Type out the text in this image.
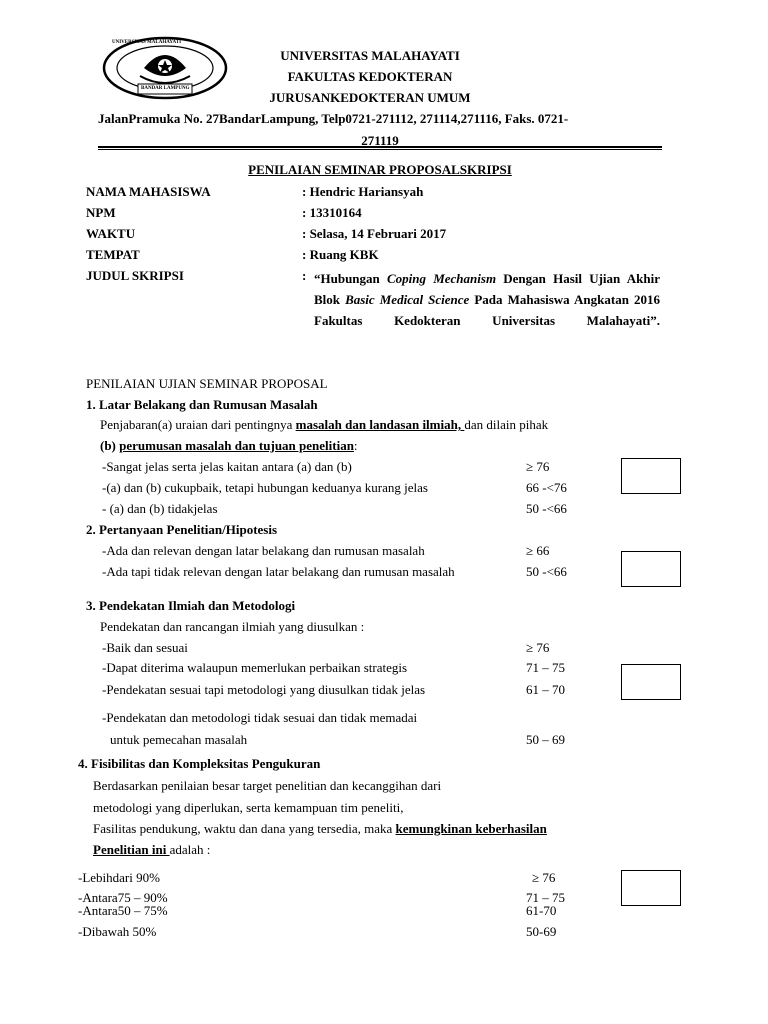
UNIVERSITAS MALAHAYATI
BANDAR LAMPUNG
UNIVERSITAS MALAHAYATI
FAKULTAS KEDOKTERAN
JURUSANKEDOKTERAN UMUM
JalanPramuka No. 27BandarLampung, Telp0721-271112, 271114,271116, Faks. 0721-
271119
PENILAIAN SEMINAR PROPOSALSKRIPSI
NAMA MAHASISWA	: Hendric Hariansyah
NPM	: 13310164
WAKTU	: Selasa, 14 Februari 2017
TEMPAT	: Ruang KBK
JUDUL SKRIPSI	: “Hubungan Coping Mechanism Dengan Hasil Ujian Akhir Blok Basic Medical Science Pada Mahasiswa Angkatan 2016 Fakultas Kedokteran Universitas Malahayati”.
PENILAIAN UJIAN SEMINAR PROPOSAL
1. Latar Belakang dan Rumusan Masalah
Penjabaran(a) uraian dari pentingnya masalah dan landasan ilmiah, dan dilain pihak
(b) perumusan masalah dan tujuan penelitian:
-Sangat jelas serta jelas kaitan antara (a) dan (b)	≥ 76
-(a) dan (b) cukupbaik, tetapi hubungan keduanya kurang jelas	66 -<76
- (a) dan (b) tidakjelas	50 -<66
2. Pertanyaan Penelitian/Hipotesis
-Ada dan relevan dengan latar belakang dan rumusan masalah	≥ 66
-Ada tapi tidak relevan dengan latar belakang dan rumusan masalah	50 -<66
3. Pendekatan Ilmiah dan Metodologi
Pendekatan dan rancangan ilmiah yang diusulkan :
-Baik dan sesuai	≥ 76
-Dapat diterima walaupun memerlukan perbaikan strategis	71 – 75
-Pendekatan sesuai tapi metodologi yang diusulkan tidak jelas	61 – 70
-Pendekatan dan metodologi tidak sesuai dan tidak memadai
untuk pemecahan masalah	50 – 69
4. Fisibilitas dan Kompleksitas Pengukuran
Berdasarkan penilaian besar target penelitian dan kecanggihan dari
metodologi yang diperlukan, serta kemampuan tim peneliti,
Fasilitas pendukung, waktu dan dana yang tersedia, maka kemungkinan keberhasilan
Penelitian ini adalah :
-Lebihdari 90%	≥ 76
-Antara75 – 90%	71 – 75
-Antara50 – 75%	61-70
-Dibawah 50%	50-69
